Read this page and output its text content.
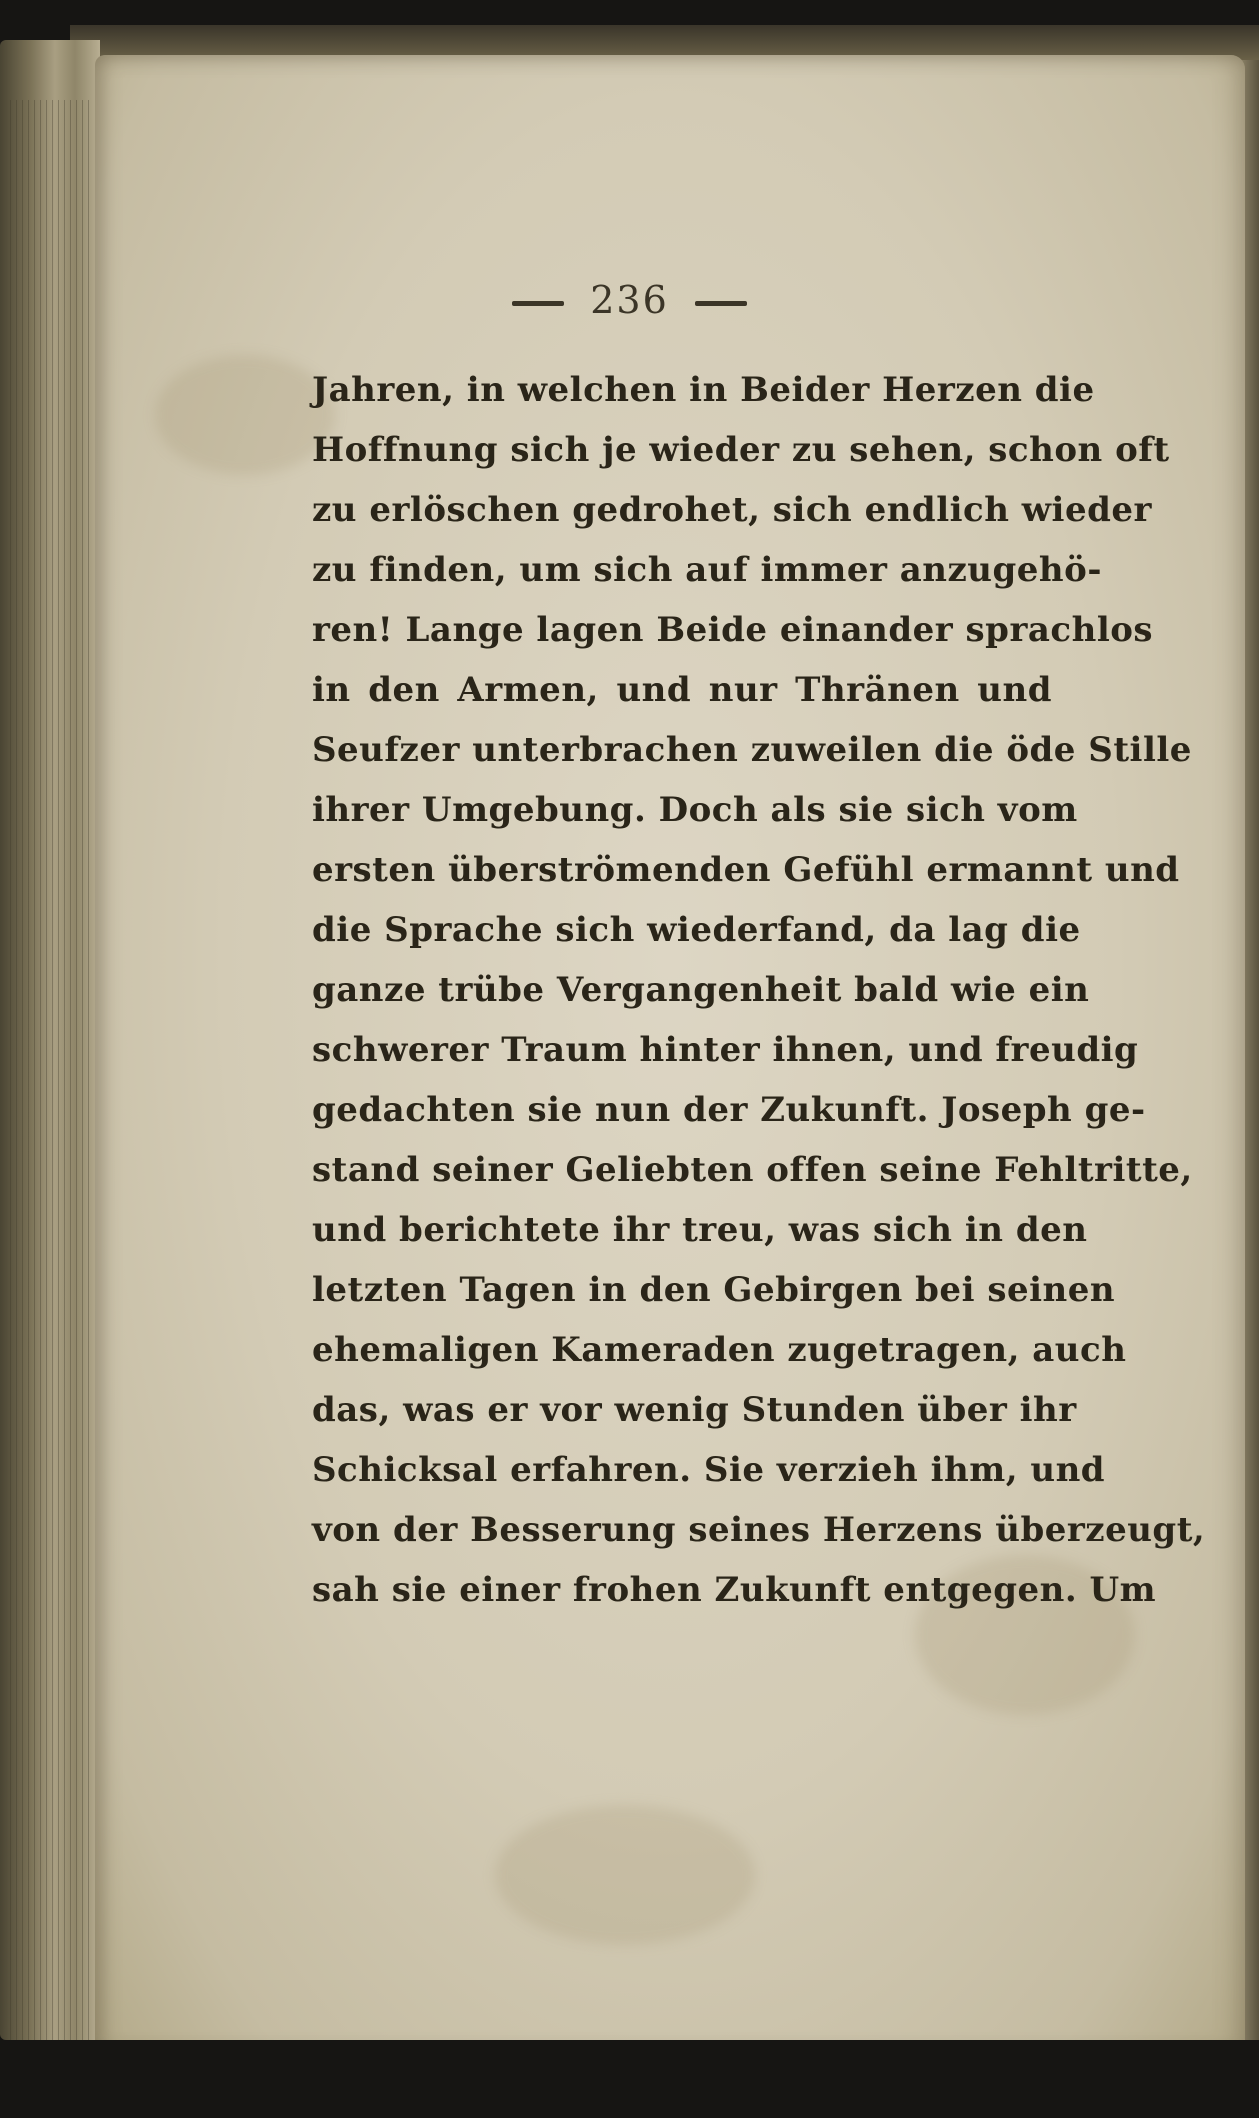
236
Jahren, in welchen in Beider Herzen die
Hoffnung sich je wieder zu sehen, schon oft
zu erlöschen gedrohet, sich endlich wieder
zu finden, um sich auf immer anzugehö-
ren! Lange lagen Beide einander sprachlos
in den Armen, und nur Thränen und
Seufzer unterbrachen zuweilen die öde Stille
ihrer Umgebung. Doch als sie sich vom
ersten überströmenden Gefühl ermannt und
die Sprache sich wiederfand, da lag die
ganze trübe Vergangenheit bald wie ein
schwerer Traum hinter ihnen, und freudig
gedachten sie nun der Zukunft. Joseph ge-
stand seiner Geliebten offen seine Fehltritte,
und berichtete ihr treu, was sich in den
letzten Tagen in den Gebirgen bei seinen
ehemaligen Kameraden zugetragen, auch
das, was er vor wenig Stunden über ihr
Schicksal erfahren. Sie verzieh ihm, und
von der Besserung seines Herzens überzeugt,
sah sie einer frohen Zukunft entgegen. Um
